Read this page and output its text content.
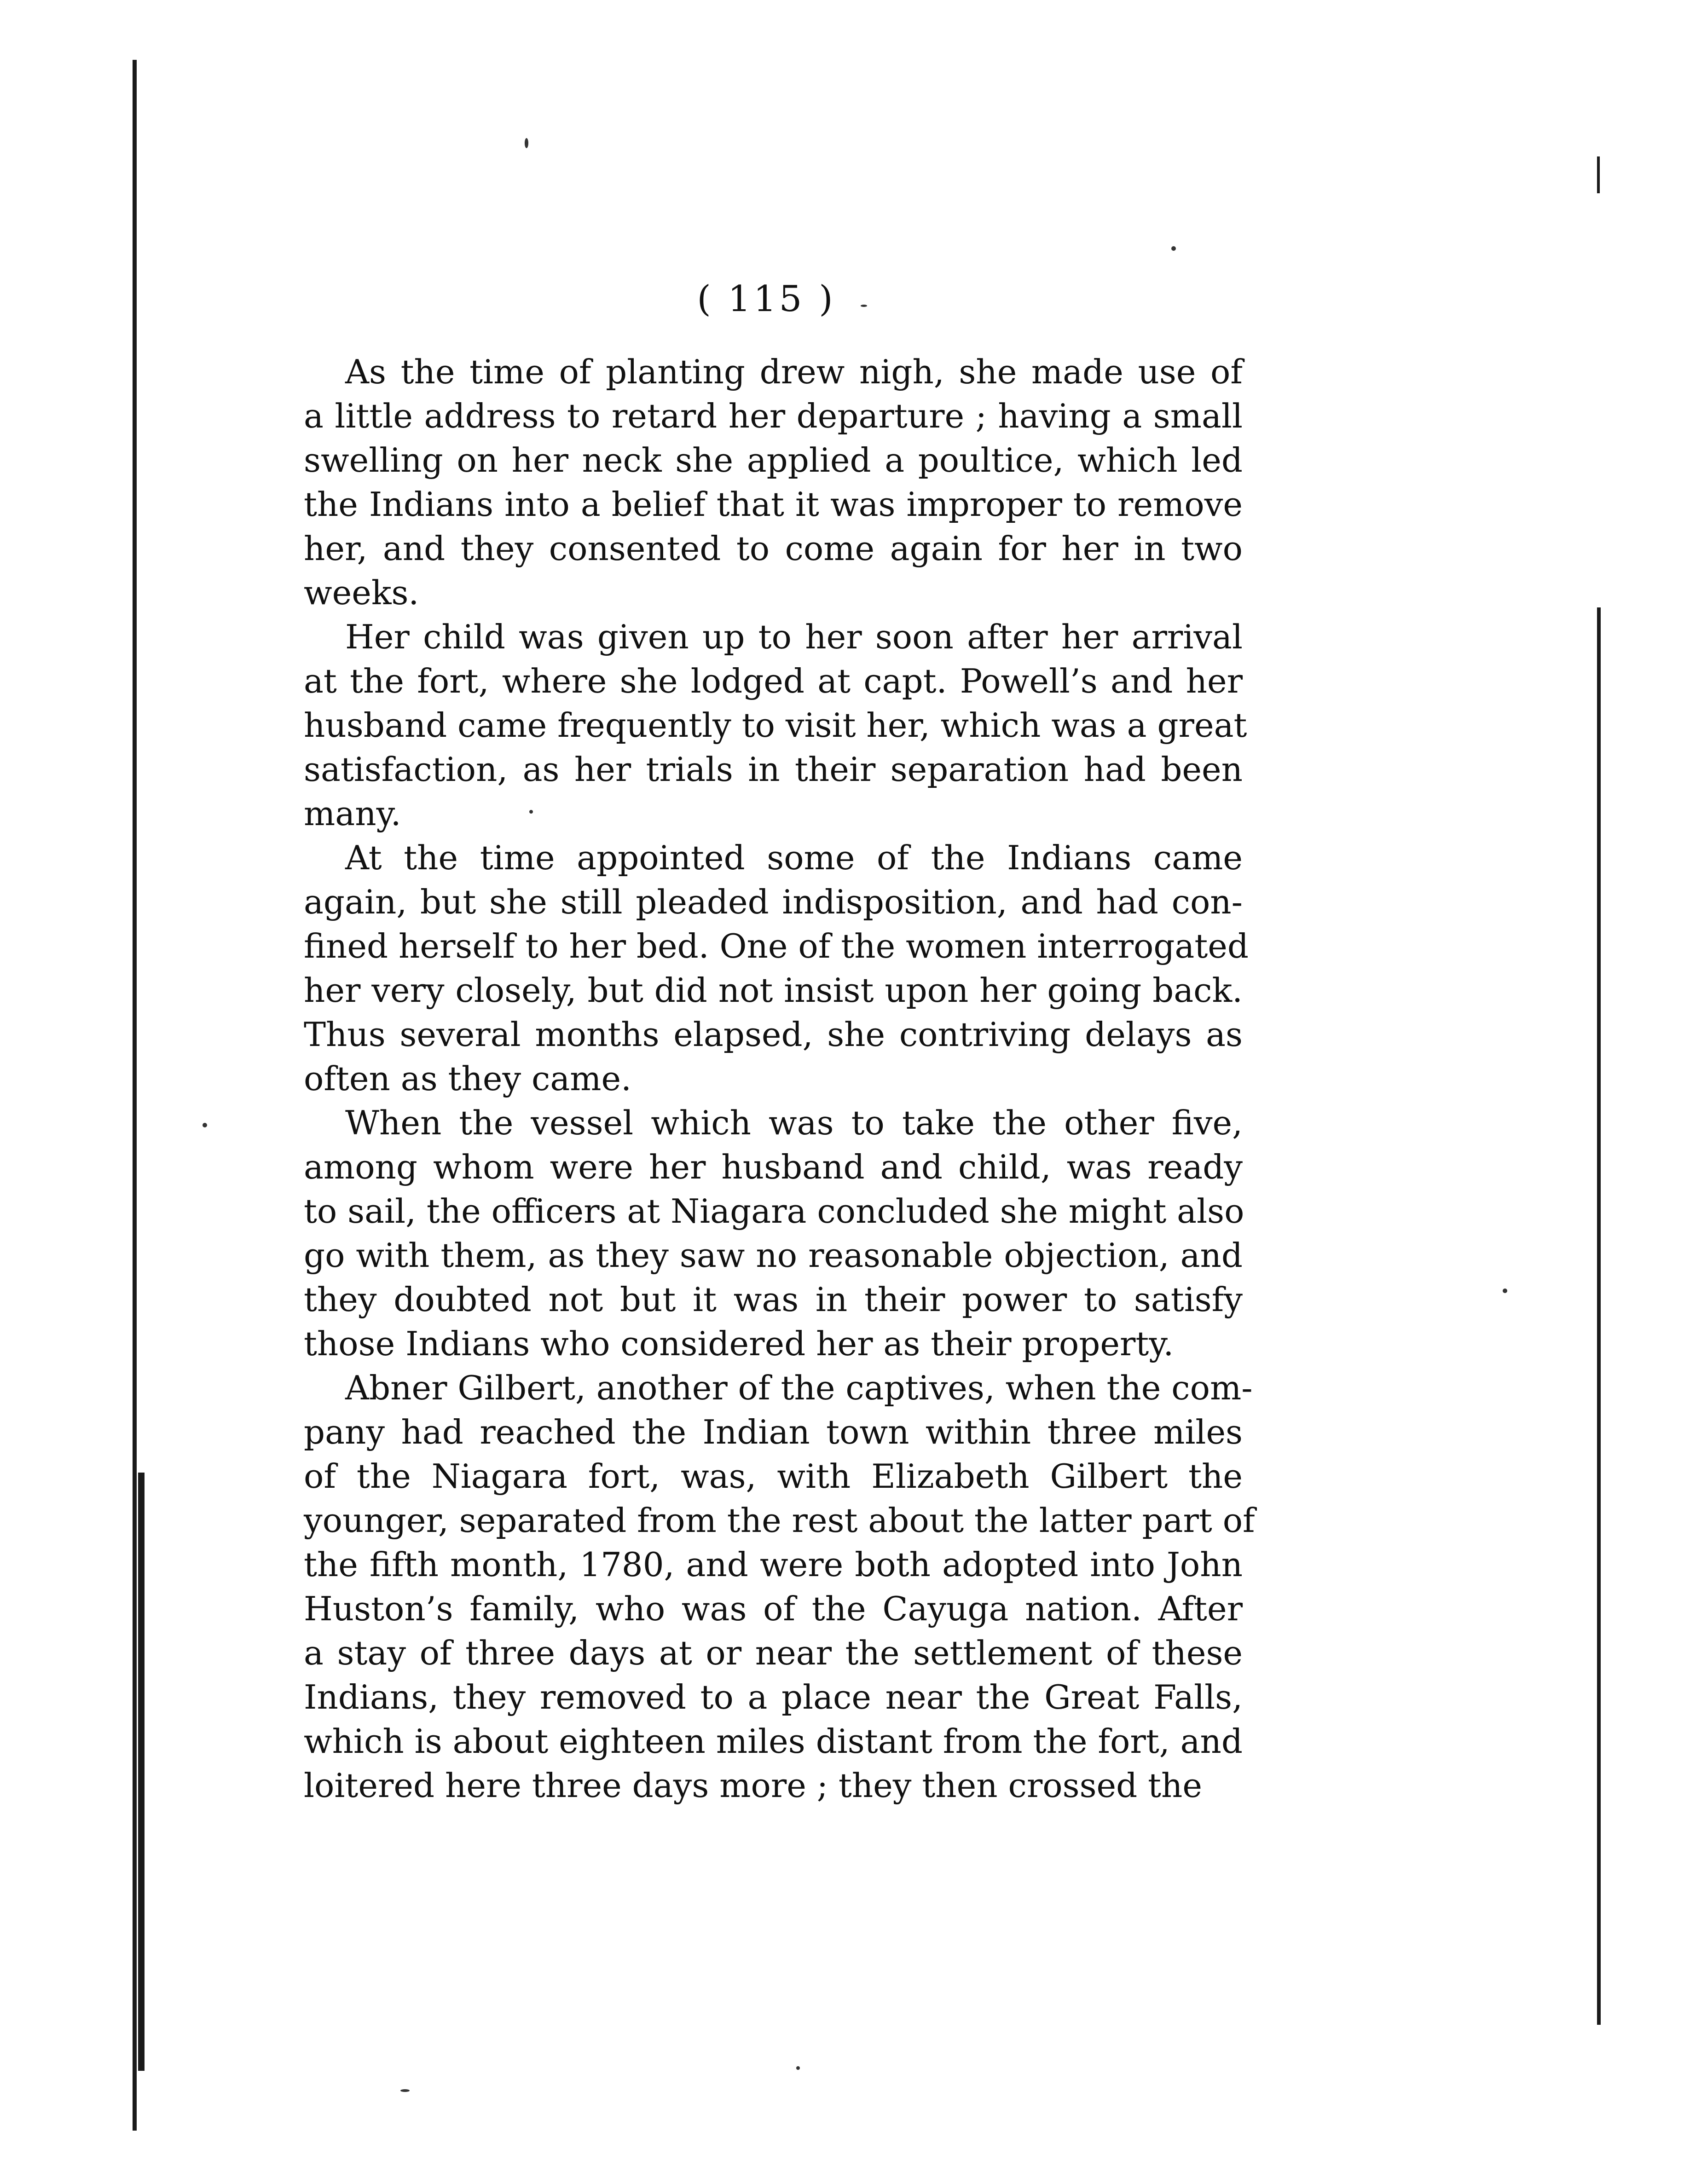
( 115 )
As the time of planting drew nigh, she made use of
a little address to retard her departure ; having a small
swelling on her neck she applied a poultice, which led
the Indians into a belief that it was improper to remove
her, and they consented to come again for her in two
weeks.
Her child was given up to her soon after her arrival
at the fort, where she lodged at capt. Powell’s and her
husband came frequently to visit her, which was a great
satisfaction, as her trials in their separation had been
many.
At the time appointed some of the Indians came
again, but she still pleaded indisposition, and had con-
fined herself to her bed. One of the women interrogated
her very closely, but did not insist upon her going back.
Thus several months elapsed, she contriving delays as
often as they came.
When the vessel which was to take the other five,
among whom were her husband and child, was ready
to sail, the officers at Niagara concluded she might also
go with them, as they saw no reasonable objection, and
they doubted not but it was in their power to satisfy
those Indians who considered her as their property.
Abner Gilbert, another of the captives, when the com-
pany had reached the Indian town within three miles
of the Niagara fort, was, with Elizabeth Gilbert the
younger, separated from the rest about the latter part of
the fifth month, 1780, and were both adopted into John
Huston’s family, who was of the Cayuga nation. After
a stay of three days at or near the settlement of these
Indians, they removed to a place near the Great Falls,
which is about eighteen miles distant from the fort, and
loitered here three days more ; they then crossed the
